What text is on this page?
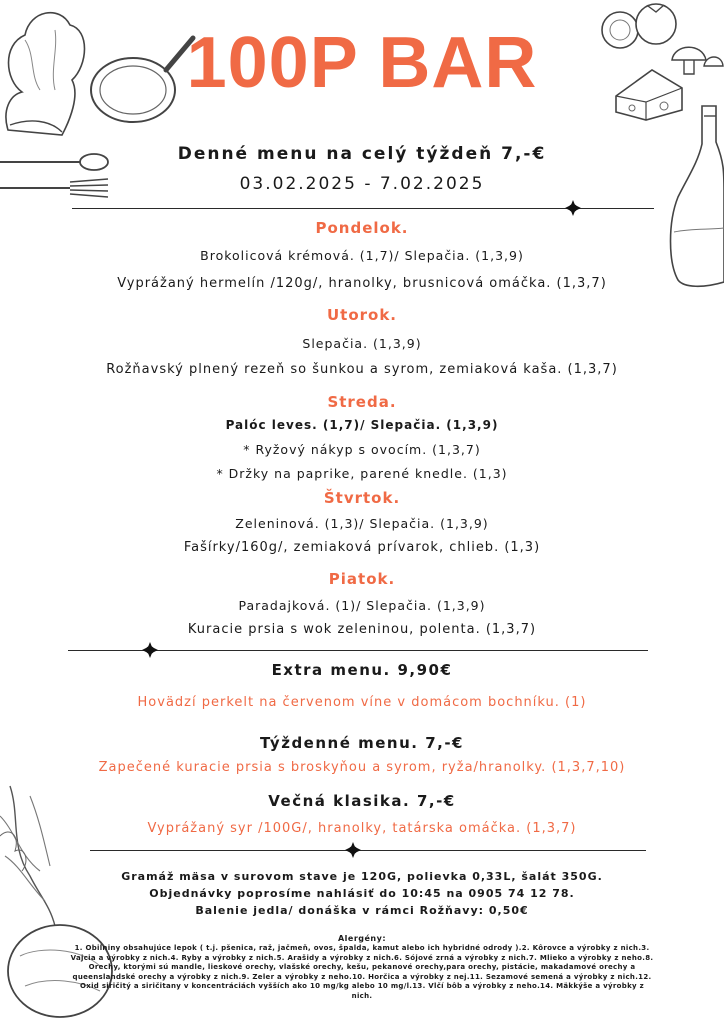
100P BAR
Denné menu na celý týždeň 7,-€
03.02.2025 - 7.02.2025
Pondelok.
Brokolicová krémová. (1,7)/ Slepačia. (1,3,9)
Vyprážaný hermelín /120g/, hranolky, brusnicová omáčka. (1,3,7)
Utorok.
Slepačia. (1,3,9)
Rožňavský plnený rezeň so šunkou a syrom, zemiaková kaša. (1,3,7)
Streda.
Palóc leves. (1,7)/ Slepačia. (1,3,9)
* Ryžový nákyp s ovocím. (1,3,7)
* Držky na paprike, parené knedle. (1,3)
Štvrtok.
Zeleninová. (1,3)/ Slepačia. (1,3,9)
Fašírky/160g/, zemiaková prívarok, chlieb. (1,3)
Piatok.
Paradajková. (1)/ Slepačia. (1,3,9)
Kuracie prsia s wok zeleninou, polenta. (1,3,7)
Extra menu. 9,90€
Hovädzí perkelt na červenom víne v domácom bochníku. (1)
Týždenné menu. 7,-€
Zapečené kuracie prsia s broskyňou a syrom, ryža/hranolky. (1,3,7,10)
Večná klasika. 7,-€
Vyprážaný syr /100G/, hranolky, tatárska omáčka. (1,3,7)
Gramáž mäsa v surovom stave je 120G, polievka 0,33L, šalát 350G.
Objednávky poprosíme nahlásiť do 10:45 na 0905 74 12 78.
Balenie jedla/ donáška v rámci Rožňavy: 0,50€
Alergény:
1. Obilniny obsahujúce lepok ( t.j. pšenica, raž, jačmeň, ovos, špalda, kamut alebo ich hybridné odrody ).2. Kôrovce a výrobky z nich.3. Vajcia a výrobky z nich.4. Ryby a výrobky z nich.5. Arašidy a výrobky z nich.6. Sójové zrná a výrobky z nich.7. Mlieko a výrobky z neho.8. Orechy, ktorými sú mandle, lieskové orechy, vlašské orechy, kešu, pekanové orechy,para orechy, pistácie, makadamové orechy a queenslandské orechy a výrobky z nich.9. Zeler a výrobky z neho.10. Horčica a výrobky z nej.11. Sezamové semená a výrobky z nich.12. Oxid siričitý a siričitany v koncentráciách vyšších ako 10 mg/kg alebo 10 mg/l.13. Vlčí bôb a výrobky z neho.14. Mäkkýše a výrobky z nich.
